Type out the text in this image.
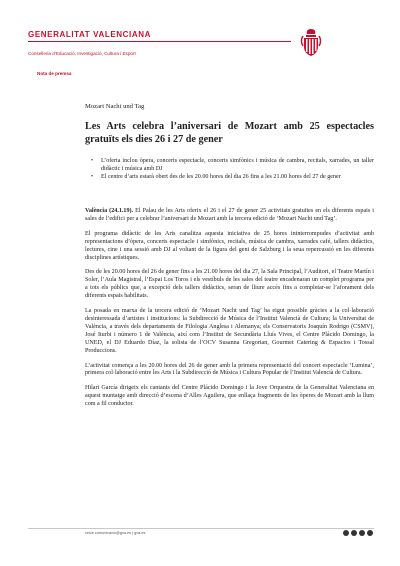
GENERALITAT VALENCIANA
Conselleria d’Educació, Investigació, Cultura i Esport
Nota de premsa
Mozart Nacht und Tag
Les Arts celebra l’aniversari de Mozart amb 25 espectacles gratuïts els dies 26 i 27 de gener
• L’oferta inclou òpera, concerts espectacle, concerts simfònics i música de cambra, recitals, xarrades, un taller didàctic i música amb DJ
• El centre d’arts estarà obert des de les 20.00 hores del dia 26 fins a les 21.00 hores del 27 de gener

València (24.1.19). El Palau de les Arts oferix el 26 i el 27 de gener 25 activitats gratuïtes en els diferents espais i sales de l’edifici per a celebrar l’aniversari de Mozart amb la tercera edició de ‘Mozart Nacht und Tag’.

El programa didàctic de les Arts canalitza aquesta iniciativa de 25 hores ininterrompudes d’activitat amb representacions d’òpera, concerts espectacle i simfònics, recitals, música de cambra, xarrades café, tallers didàctics, lectures, cine i una sessió amb DJ al voltant de la figura del geni de Salzburg i la seua repercussió en les diferents disciplines artístiques.

Des de les 20.00 hores del 26 de gener fins a les 21.00 hores del dia 27, la Sala Principal, l’Auditori, el Teatre Martín i Soler, l’Aula Magistral, l’Espai Los Toros i els vestíbuls de les sales del teatre encadenaran un complet programa per a tots els públics que, a excepció dels tallers didàctics, seran de lliure accés fins a completar-se l’aforament dels diferents espais habilitats.

La posada en marxa de la tercera edició de ‘Mozart Nacht und Tag’ ha eigut possible gràcies a la col·laboració desinteressada d’artistes i institucions: la Subdirecció de Música de l’Institut Valencià de Cultura; la Universitat de València, a través dels departaments de Filologia Anglesa i Alemanya; els Conservatoris Joaquín Rodrigo (CSMV), José Iturbi i número 1 de València, així com l’Institut de Secundària Lluís Vives, el Centre Plácido Domingo, la UNED, el DJ Eduardo Díaz, la solista de l’OCV Susanna Gregorian, Gourmet Catering & Espacios i Tossal Produccions.

L’activitat comença a les 20.00 hores del 26 de gener amb la primera representació del concert espectacle ‘Lumina’, primera col·laboració entre les Arts i la Subdirecció de Música i Cultura Popular de l’Institut Valencià de Cultura.

Hilari García dirigeix els cantants del Centre Plácido Domingo i la Jove Orquestra de la Generalitat Valenciana en aquest muntatge amb direcció d’escena d’Alles Aguilera, que enllaça fragments de les òperes de Mozart amb la llum com a fil conductor.

ceice.comunicacio@gva.es | gva.es
